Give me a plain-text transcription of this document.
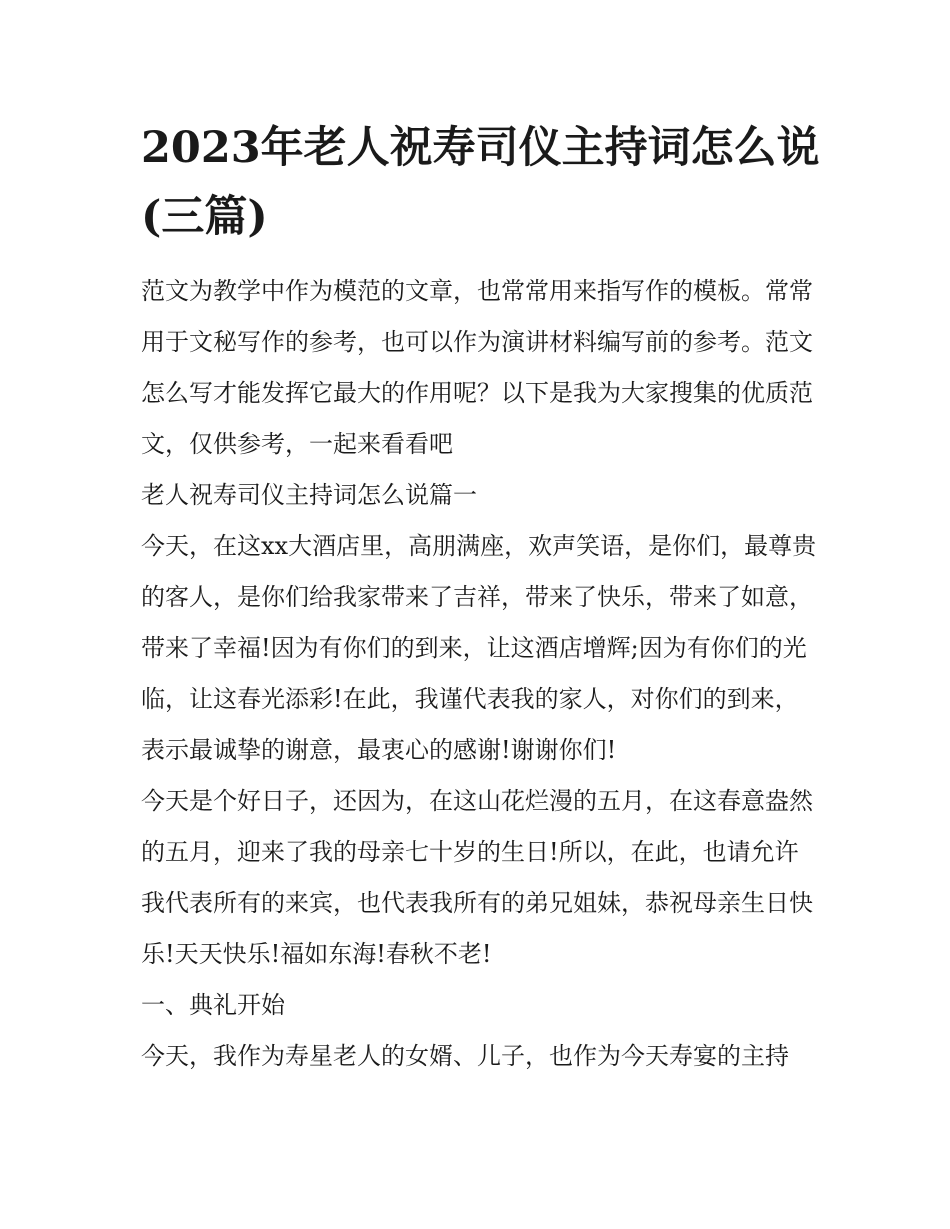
2023年老人祝寿司仪主持词怎么说(三篇)

范文为教学中作为模范的文章，也常常用来指写作的模板。常常用于文秘写作的参考，也可以作为演讲材料编写前的参考。范文怎么写才能发挥它最大的作用呢？以下是我为大家搜集的优质范文，仅供参考，一起来看看吧

老人祝寿司仪主持词怎么说篇一

今天，在这xx大酒店里，高朋满座，欢声笑语，是你们，最尊贵的客人，是你们给我家带来了吉祥，带来了快乐，带来了如意，带来了幸福!因为有你们的到来，让这酒店增辉;因为有你们的光临，让这春光添彩!在此，我谨代表我的家人，对你们的到来，表示最诚挚的谢意，最衷心的感谢!谢谢你们!

今天是个好日子，还因为，在这山花烂漫的五月，在这春意盎然的五月，迎来了我的母亲七十岁的生日!所以，在此，也请允许我代表所有的来宾，也代表我所有的弟兄姐妹，恭祝母亲生日快乐!天天快乐!福如东海!春秋不老!

一、典礼开始

今天，我作为寿星老人的女婿、儿子，也作为今天寿宴的主持
